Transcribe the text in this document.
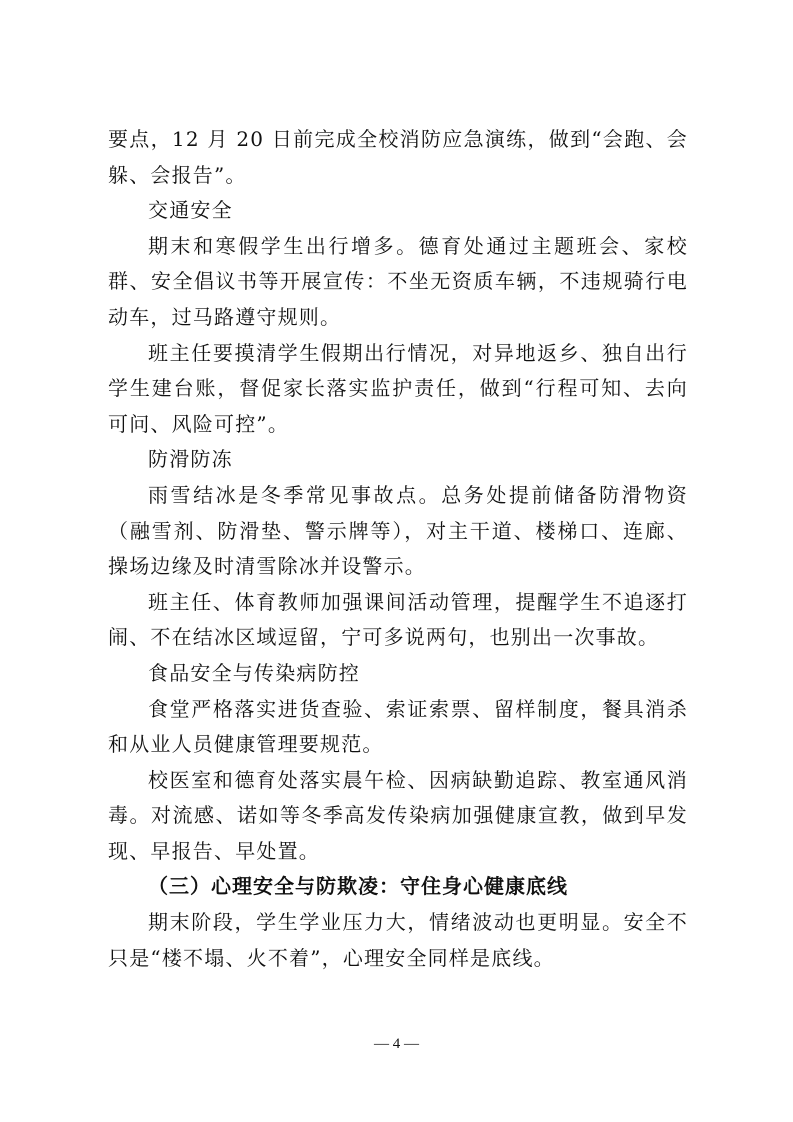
要点，12 月 20 日前完成全校消防应急演练，做到“会跑、会躲、会报告”。

交通安全

期末和寒假学生出行增多。德育处通过主题班会、家校群、安全倡议书等开展宣传：不坐无资质车辆，不违规骑行电动车，过马路遵守规则。

班主任要摸清学生假期出行情况，对异地返乡、独自出行学生建台账，督促家长落实监护责任，做到“行程可知、去向可问、风险可控”。

防滑防冻

雨雪结冰是冬季常见事故点。总务处提前储备防滑物资（融雪剂、防滑垫、警示牌等），对主干道、楼梯口、连廊、操场边缘及时清雪除冰并设警示。

班主任、体育教师加强课间活动管理，提醒学生不追逐打闹、不在结冰区域逗留，宁可多说两句，也别出一次事故。

食品安全与传染病防控

食堂严格落实进货查验、索证索票、留样制度，餐具消杀和从业人员健康管理要规范。

校医室和德育处落实晨午检、因病缺勤追踪、教室通风消毒。对流感、诺如等冬季高发传染病加强健康宣教，做到早发现、早报告、早处置。

（三）心理安全与防欺凌：守住身心健康底线

期末阶段，学生学业压力大，情绪波动也更明显。安全不只是“楼不塌、火不着”，心理安全同样是底线。

— 4 —
